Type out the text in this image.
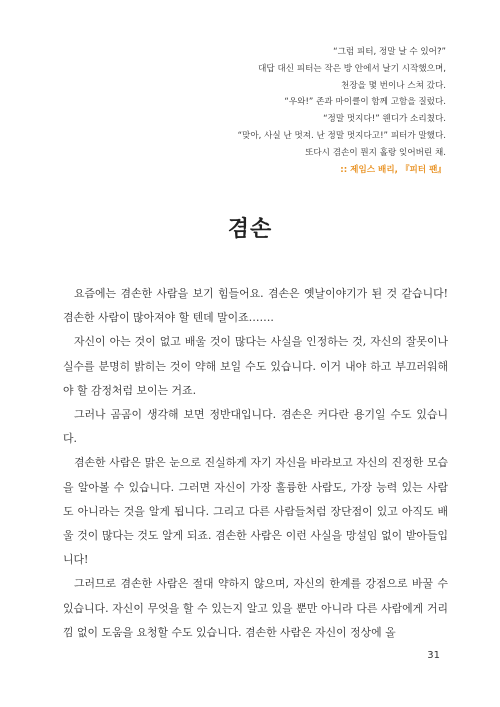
“그럼 피터, 정말 날 수 있어?”
대답 대신 피터는 작은 방 안에서 날기 시작했으며,
천장을 몇 번이나 스쳐 갔다.
“우와!” 존과 마이클이 함께 고함을 질렀다.
“정말 멋지다!” 웬디가 소리쳤다.
“맞아, 사실 난 멋져. 난 정말 멋지다고!” 피터가 말했다.
또다시 겸손이 뭔지 홀랑 잊어버린 채.
:: 제임스 배리, 『피터 팬』
겸손

요즘에는 겸손한 사람을 보기 힘들어요. 겸손은 옛날이야기가 된 것 같습니다! 겸손한 사람이 많아져야 할 텐데 말이죠…….

자신이 아는 것이 없고 배울 것이 많다는 사실을 인정하는 것, 자신의 잘못이나 실수를 분명히 밝히는 것이 약해 보일 수도 있습니다. 이거 내야 하고 부끄러워해야 할 감정처럼 보이는 거죠.

그러나 곰곰이 생각해 보면 정반대입니다. 겸손은 커다란 용기일 수도 있습니다.

겸손한 사람은 맑은 눈으로 진실하게 자기 자신을 바라보고 자신의 진정한 모습을 알아볼 수 있습니다. 그러면 자신이 가장 훌륭한 사람도, 가장 능력 있는 사람도 아니라는 것을 알게 됩니다. 그리고 다른 사람들처럼 장단점이 있고 아직도 배울 것이 많다는 것도 알게 되죠. 겸손한 사람은 이런 사실을 망설임 없이 받아들입니다!

그러므로 겸손한 사람은 절대 약하지 않으며, 자신의 한계를 강점으로 바꿀 수 있습니다. 자신이 무엇을 할 수 있는지 알고 있을 뿐만 아니라 다른 사람에게 거리낌 없이 도움을 요청할 수도 있습니다. 겸손한 사람은 자신이 정상에 올

31
